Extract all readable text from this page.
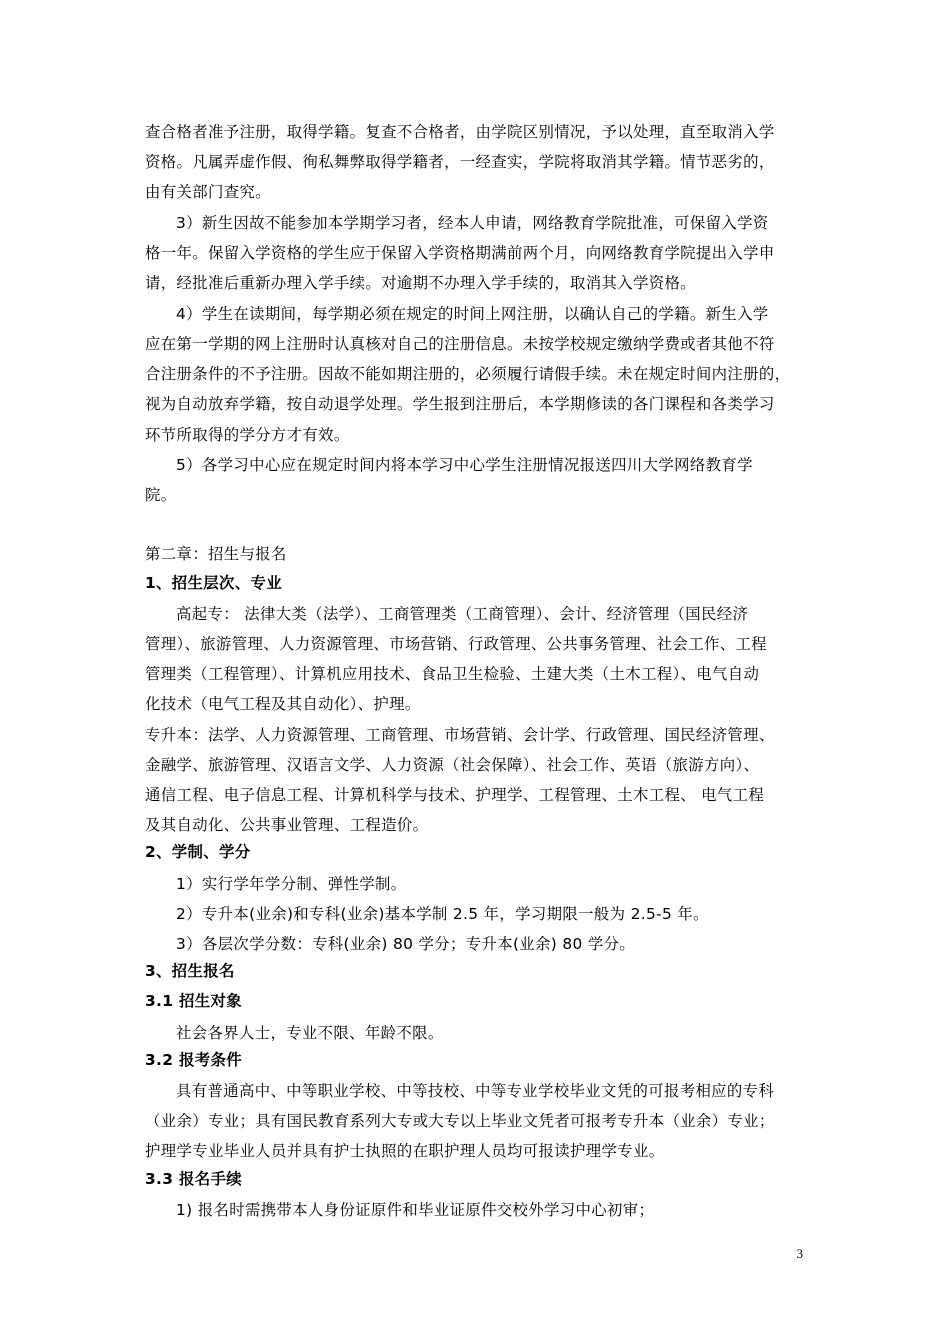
查合格者准予注册，取得学籍。复查不合格者，由学院区别情况，予以处理，直至取消入学
资格。凡属弄虚作假、徇私舞弊取得学籍者，一经查实，学院将取消其学籍。情节恶劣的，
由有关部门查究。
3）新生因故不能参加本学期学习者，经本人申请，网络教育学院批准，可保留入学资
格一年。保留入学资格的学生应于保留入学资格期满前两个月，向网络教育学院提出入学申
请，经批准后重新办理入学手续。对逾期不办理入学手续的，取消其入学资格。
4）学生在读期间，每学期必须在规定的时间上网注册，以确认自己的学籍。新生入学
应在第一学期的网上注册时认真核对自己的注册信息。未按学校规定缴纳学费或者其他不符
合注册条件的不予注册。因故不能如期注册的，必须履行请假手续。未在规定时间内注册的，
视为自动放弃学籍，按自动退学处理。学生报到注册后，本学期修读的各门课程和各类学习
环节所取得的学分方才有效。
5）各学习中心应在规定时间内将本学习中心学生注册情况报送四川大学网络教育学
院。
第二章：招生与报名
1、招生层次、专业
高起专： 法律大类（法学）、工商管理类（工商管理）、会计、经济管理（国民经济
管理）、旅游管理、人力资源管理、市场营销、行政管理、公共事务管理、社会工作、工程
管理类（工程管理）、计算机应用技术、食品卫生检验、土建大类（土木工程）、电气自动
化技术（电气工程及其自动化）、护理。
专升本：法学、人力资源管理、工商管理、市场营销、会计学、行政管理、国民经济管理、
金融学、旅游管理、汉语言文学、人力资源（社会保障）、社会工作、英语（旅游方向）、
通信工程、电子信息工程、计算机科学与技术、护理学、工程管理、土木工程、 电气工程
及其自动化、公共事业管理、工程造价。
2、学制、学分
1）实行学年学分制、弹性学制。
2）专升本(业余)和专科(业余)基本学制 2.5 年，学习期限一般为 2.5-5 年。
3）各层次学分数：专科(业余) 80 学分；专升本(业余) 80 学分。
3、招生报名
3.1 招生对象
社会各界人士，专业不限、年龄不限。
3.2 报考条件
具有普通高中、中等职业学校、中等技校、中等专业学校毕业文凭的可报考相应的专科
（业余）专业；具有国民教育系列大专或大专以上毕业文凭者可报考专升本（业余）专业；
护理学专业毕业人员并具有护士执照的在职护理人员均可报读护理学专业。
3.3 报名手续
1) 报名时需携带本人身份证原件和毕业证原件交校外学习中心初审；
3
